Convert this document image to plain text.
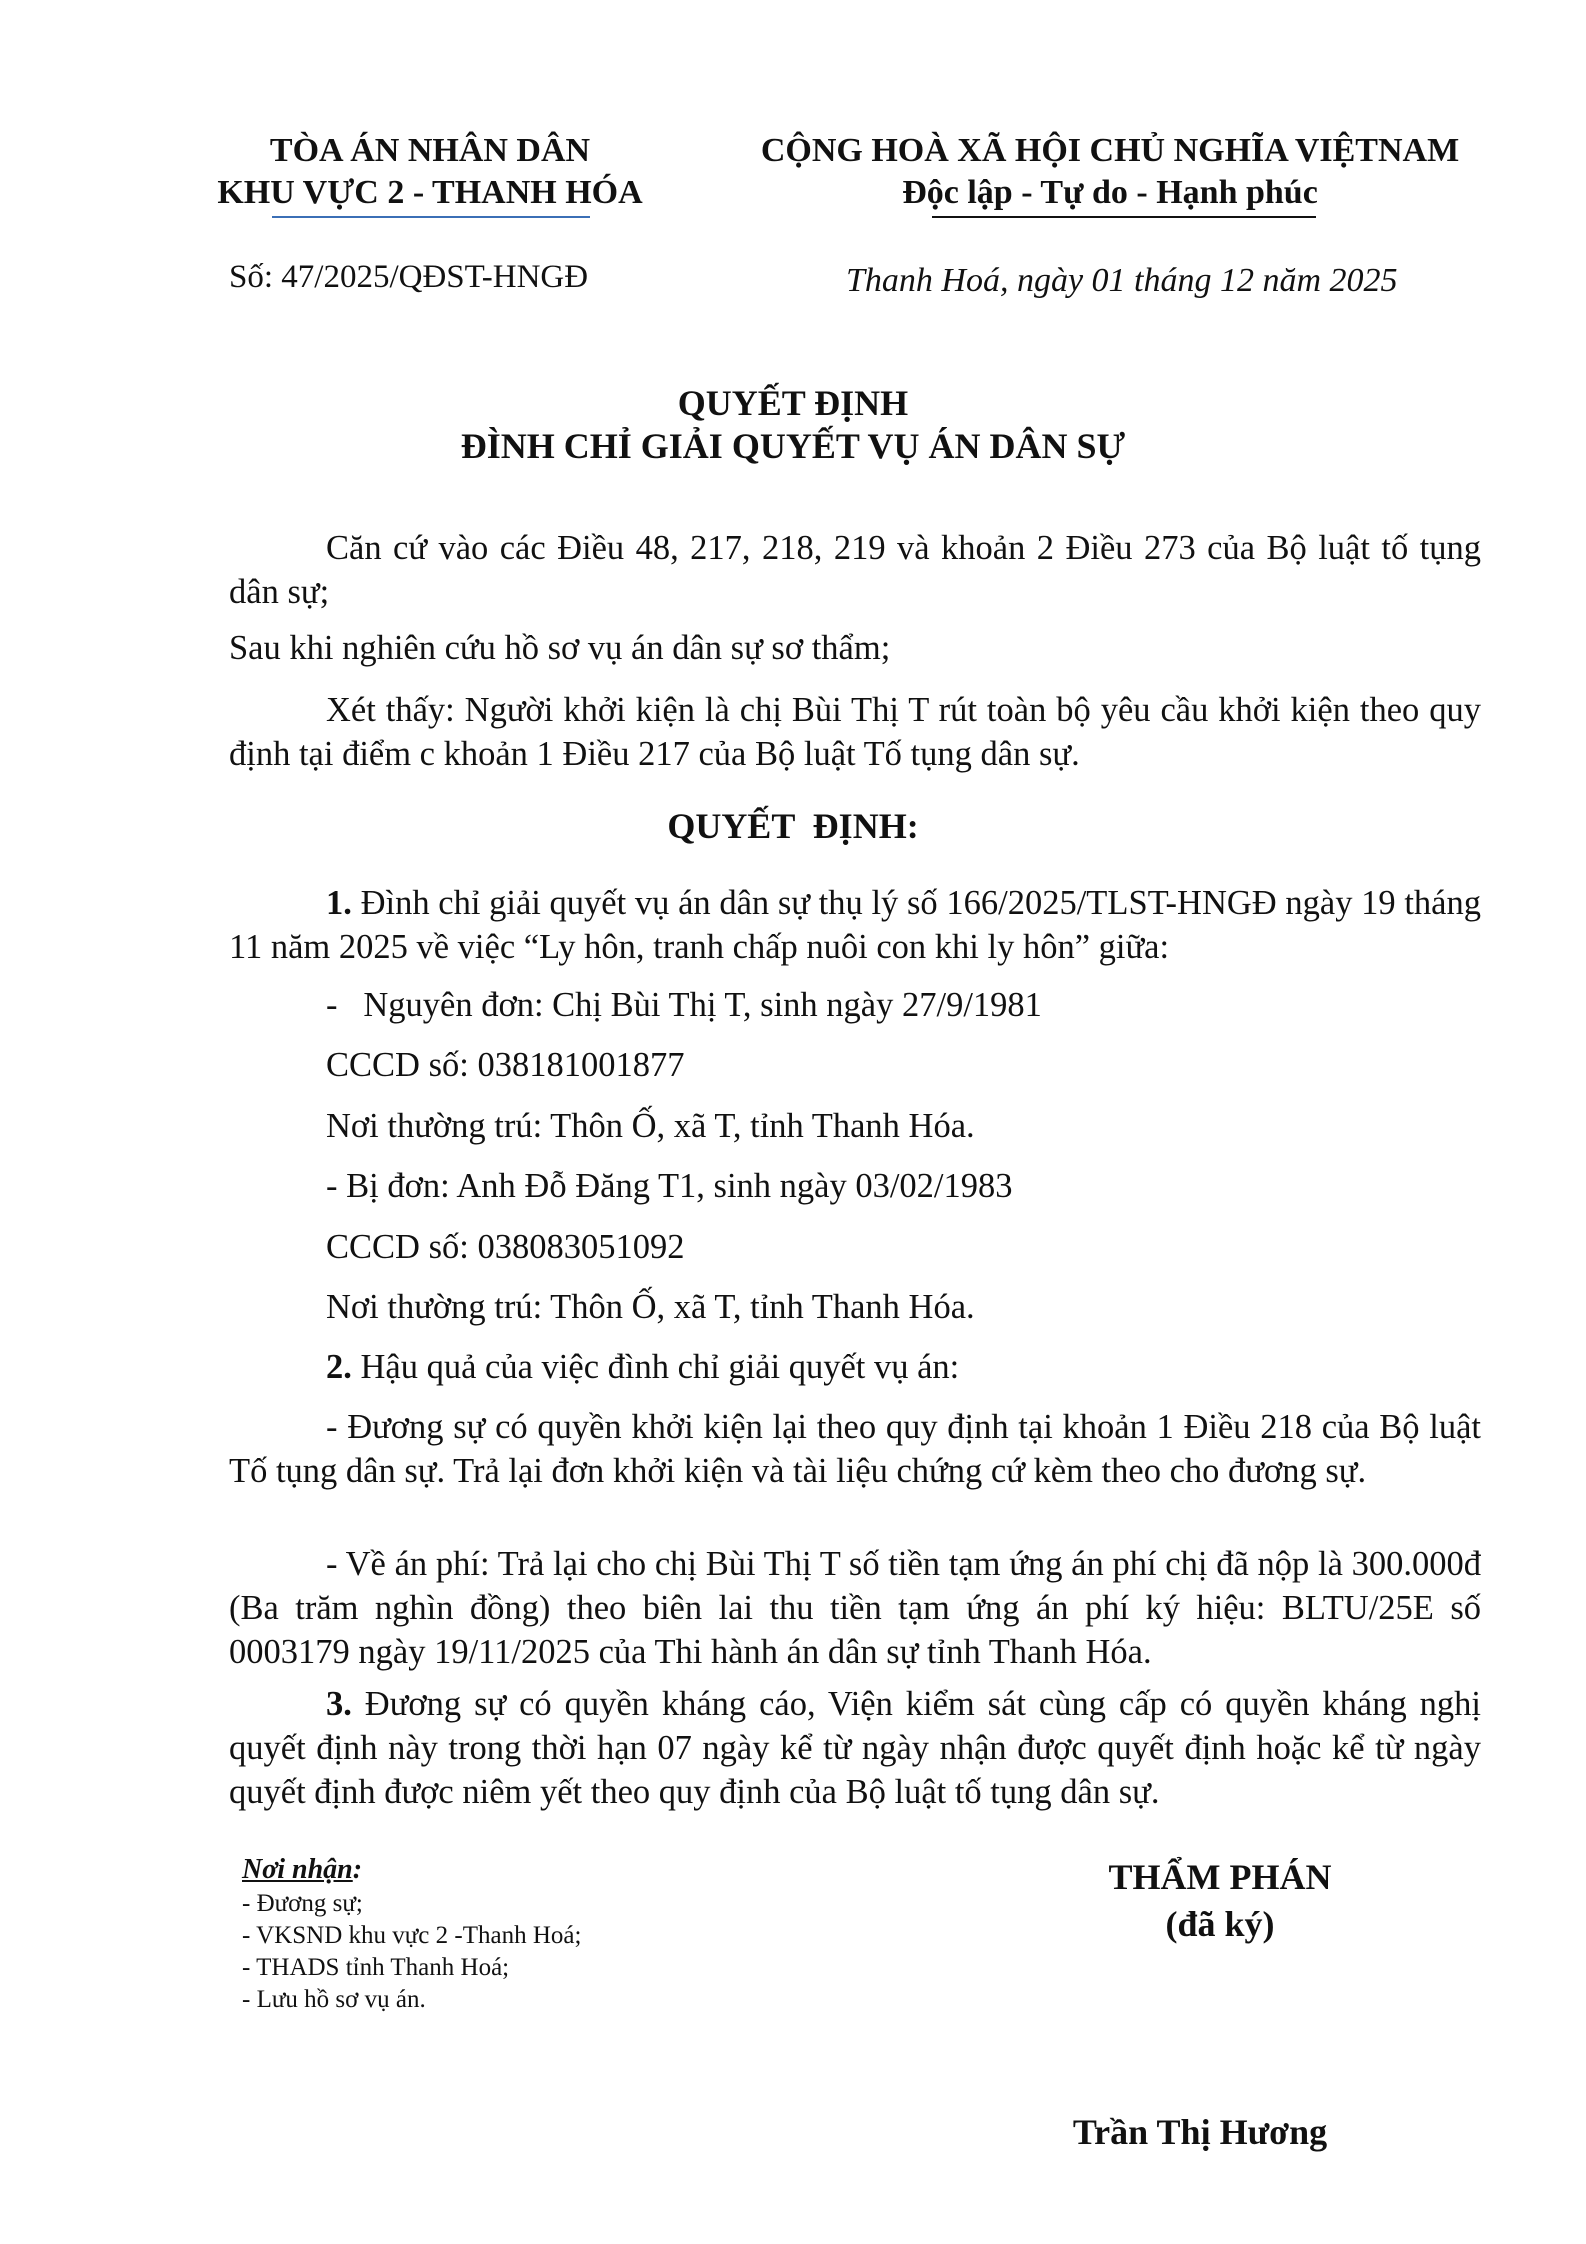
TÒA ÁN NHÂN DÂN
KHU VỰC 2 - THANH HÓA
CỘNG HOÀ XÃ HỘI CHỦ NGHĨA VIỆTNAM
Độc lập - Tự do - Hạnh phúc
Số: 47/2025/QĐST-HNGĐ	Thanh Hoá, ngày 01 tháng 12 năm 2025
QUYẾT ĐỊNH
ĐÌNH CHỈ GIẢI QUYẾT VỤ ÁN DÂN SỰ
Căn cứ vào các Điều 48, 217, 218, 219 và khoản 2 Điều 273 của Bộ luật tố tụng dân sự;
Sau khi nghiên cứu hồ sơ vụ án dân sự sơ thẩm;
Xét thấy: Người khởi kiện là chị Bùi Thị T rút toàn bộ yêu cầu khởi kiện theo quy định tại điểm c khoản 1 Điều 217 của Bộ luật Tố tụng dân sự.
QUYẾT  ĐỊNH:
1. Đình chỉ giải quyết vụ án dân sự thụ lý số 166/2025/TLST-HNGĐ ngày 19 tháng 11 năm 2025 về việc “Ly hôn, tranh chấp nuôi con khi ly hôn” giữa:
-   Nguyên đơn: Chị Bùi Thị T, sinh ngày 27/9/1981
CCCD số: 038181001877
Nơi thường trú: Thôn Ố, xã T, tỉnh Thanh Hóa.
- Bị đơn: Anh Đỗ Đăng T1, sinh ngày 03/02/1983
CCCD số: 038083051092
Nơi thường trú: Thôn Ố, xã T, tỉnh Thanh Hóa.
2. Hậu quả của việc đình chỉ giải quyết vụ án:
- Đương sự có quyền khởi kiện lại theo quy định tại khoản 1 Điều 218 của Bộ luật Tố tụng dân sự. Trả lại đơn khởi kiện và tài liệu chứng cứ kèm theo cho đương sự.
- Về án phí: Trả lại cho chị Bùi Thị T số tiền tạm ứng án phí chị đã nộp là 300.000đ (Ba trăm nghìn đồng) theo biên lai thu tiền tạm ứng án phí ký hiệu: BLTU/25E số 0003179 ngày 19/11/2025 của Thi hành án dân sự tỉnh Thanh Hóa.
3. Đương sự có quyền kháng cáo, Viện kiểm sát cùng cấp có quyền kháng nghị quyết định này trong thời hạn 07 ngày kể từ ngày nhận được quyết định hoặc kể từ ngày quyết định được niêm yết theo quy định của Bộ luật tố tụng dân sự.
Nơi nhận:
- Đương sự;
- VKSND khu vực 2 -Thanh Hoá;
- THADS tỉnh Thanh Hoá;
- Lưu hồ sơ vụ án.
THẨM PHÁN
(đã ký)
Trần Thị Hương
